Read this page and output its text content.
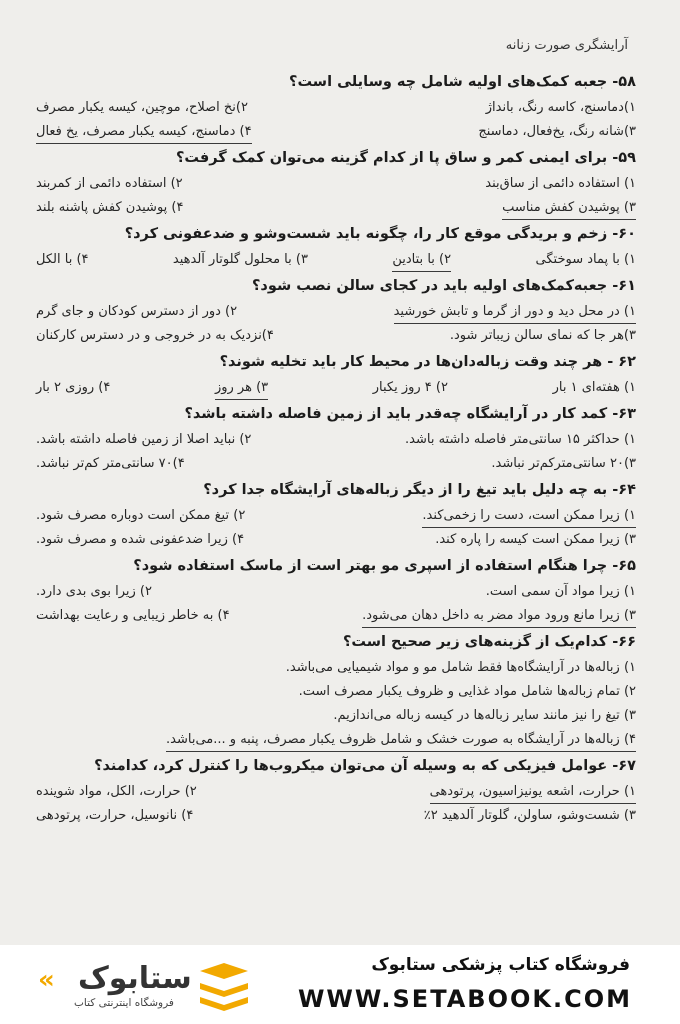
آرایشگری صورت زنانه
۵۸- جعبه کمک‌های اولیه شامل چه وسایلی است؟
۱)دماسنج، کاسه رنگ، بانداژ
۲)نخ اصلاح، موچین، کیسه یکبار مصرف
۳)شانه رنگ، یخ‌فعال، دماسنج
۴) دماسنج، کیسه یکبار مصرف، یخ فعال
۵۹- برای ایمنی کمر و ساق پا از کدام گزینه می‌توان کمک گرفت؟
۱) استفاده دائمی از ساق‌بند
۲) استفاده دائمی از کمربند
۳) پوشیدن کفش مناسب
۴) پوشیدن کفش پاشنه بلند
۶۰- زخم و بریدگی موقع کار را، چگونه باید شست‌وشو و ضدعفونی کرد؟
۱) با پماد سوختگی
۲) با بتادین
۳) با محلول گلوتار آلدهید
۴) با الکل
۶۱- جعبه‌کمک‌های اولیه باید در کجای سالن نصب شود؟
۱) در محل دید و دور از گرما و تابش خورشید
۲) دور از دسترس کودکان و جای گرم
۳)هر جا که نمای سالن زیباتر شود.
۴)نزدیک به در خروجی و در دسترس کارکنان
۶۲ - هر چند وقت زباله‌دان‌ها در محیط کار باید تخلیه شوند؟
۱) هفته‌ای ۱ بار
۲) ۴ روز یکبار
۳) هر روز
۴) روزی ۲ بار
۶۳- کمد کار در آرایشگاه چه‌قدر باید از زمین فاصله داشته باشد؟
۱) حداکثر ۱۵ سانتی‌متر فاصله داشته باشد.
۲) نباید اصلا از زمین فاصله داشته باشد.
۳)۲۰ سانتی‌مترکم‌تر نباشد.
۴)۷۰ سانتی‌متر کم‌تر نباشد.
۶۴- به چه دلیل باید تیغ را از دیگر زباله‌های آرایشگاه جدا کرد؟
۱) زیرا ممکن است، دست را زخمی‌کند.
۲) تیغ ممکن است دوباره مصرف شود.
۳) زیرا ممکن است کیسه را پاره کند.
۴) زیرا ضدعفونی شده و مصرف شود.
۶۵- چرا هنگام استفاده از اسپری مو بهتر است از ماسک استفاده شود؟
۱) زیرا مواد آن سمی است.
۲) زیرا بوی بدی دارد.
۳) زیرا مانع ورود مواد مضر به داخل دهان می‌شود.
۴) به خاطر زیبایی و رعایت بهداشت
۶۶- کدام‌یک از گزینه‌های زیر صحیح است؟
۱) زباله‌ها در آرایشگاه‌ها فقط شامل مو و مواد شیمیایی می‌باشد.
۲) تمام زباله‌ها شامل مواد غذایی و ظروف یکبار مصرف است.
۳) تیغ را نیز مانند سایر زباله‌ها در کیسه زباله می‌اندازیم.
۴) زباله‌ها در آرایشگاه به صورت خشک و شامل ظروف یکبار مصرف، پنبه و ...می‌باشد.
۶۷- عوامل فیزیکی که به وسیله آن می‌توان میکروب‌ها را کنترل کرد، کدامند؟
۱) حرارت، اشعه یونیزاسیون، پرتودهی
۲) حرارت، الکل، مواد شوینده
۳) شست‌وشو، ساولن، گلوتار آلدهید ۲٪
۴) نانوسیل، حرارت، پرتودهی
« ستابوک
فروشگاه اینترنتی کتاب
فروشگاه کتاب پزشکی ستابوک
WWW.SETABOOK.COM
